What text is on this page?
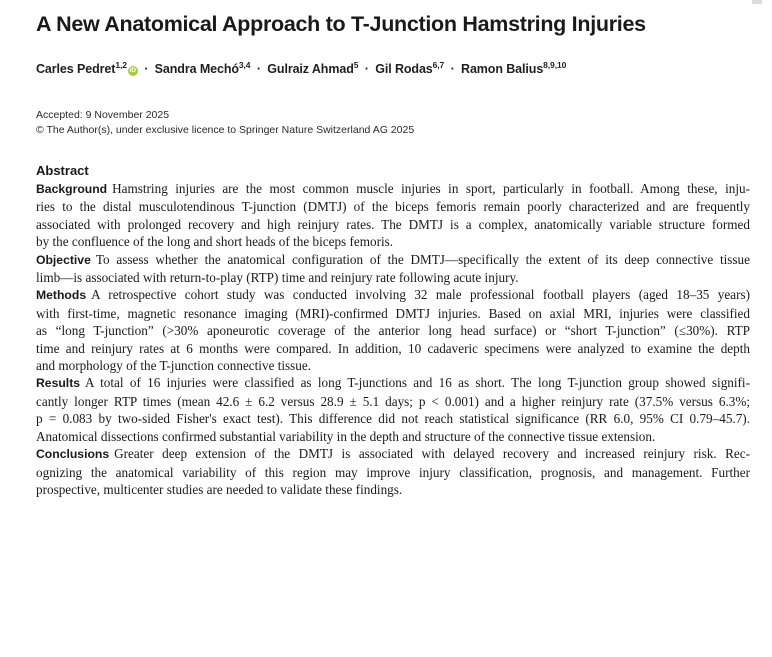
A New Anatomical Approach to T-Junction Hamstring Injuries
Carles Pedret$^{1,2}$iD · Sandra Mechó$^{3,4}$ · Gulraiz Ahmad$^5$ · Gil Rodas$^{6,7}$ · Ramon Balius$^{8,9,10}$
Accepted: 9 November 2025
© The Author(s), under exclusive licence to Springer Nature Switzerland AG 2025
Abstract
Background Hamstring injuries are the most common muscle injuries in sport, particularly in football. Among these, inju-
ries to the distal musculotendinous T-junction (DMTJ) of the biceps femoris remain poorly characterized and are frequently
associated with prolonged recovery and high reinjury rates. The DMTJ is a complex, anatomically variable structure formed
by the confluence of the long and short heads of the biceps femoris.
Objective To assess whether the anatomical configuration of the DMTJ—specifically the extent of its deep connective tissue
limb—is associated with return-to-play (RTP) time and reinjury rate following acute injury.
Methods A retrospective cohort study was conducted involving 32 male professional football players (aged 18–35 years)
with first-time, magnetic resonance imaging (MRI)-confirmed DMTJ injuries. Based on axial MRI, injuries were classified
as “long T-junction” (>30% aponeurotic coverage of the anterior long head surface) or “short T-junction” (≤30%). RTP
time and reinjury rates at 6 months were compared. In addition, 10 cadaveric specimens were analyzed to examine the depth
and morphology of the T-junction connective tissue.
Results A total of 16 injuries were classified as long T-junctions and 16 as short. The long T-junction group showed signifi-
cantly longer RTP times (mean 42.6 ± 6.2 versus 28.9 ± 5.1 days; p < 0.001) and a higher reinjury rate (37.5% versus 6.3%;
p = 0.083 by two-sided Fisher's exact test). This difference did not reach statistical significance (RR 6.0, 95% CI 0.79–45.7).
Anatomical dissections confirmed substantial variability in the depth and structure of the connective tissue extension.
Conclusions Greater deep extension of the DMTJ is associated with delayed recovery and increased reinjury risk. Rec-
ognizing the anatomical variability of this region may improve injury classification, prognosis, and management. Further
prospective, multicenter studies are needed to validate these findings.
